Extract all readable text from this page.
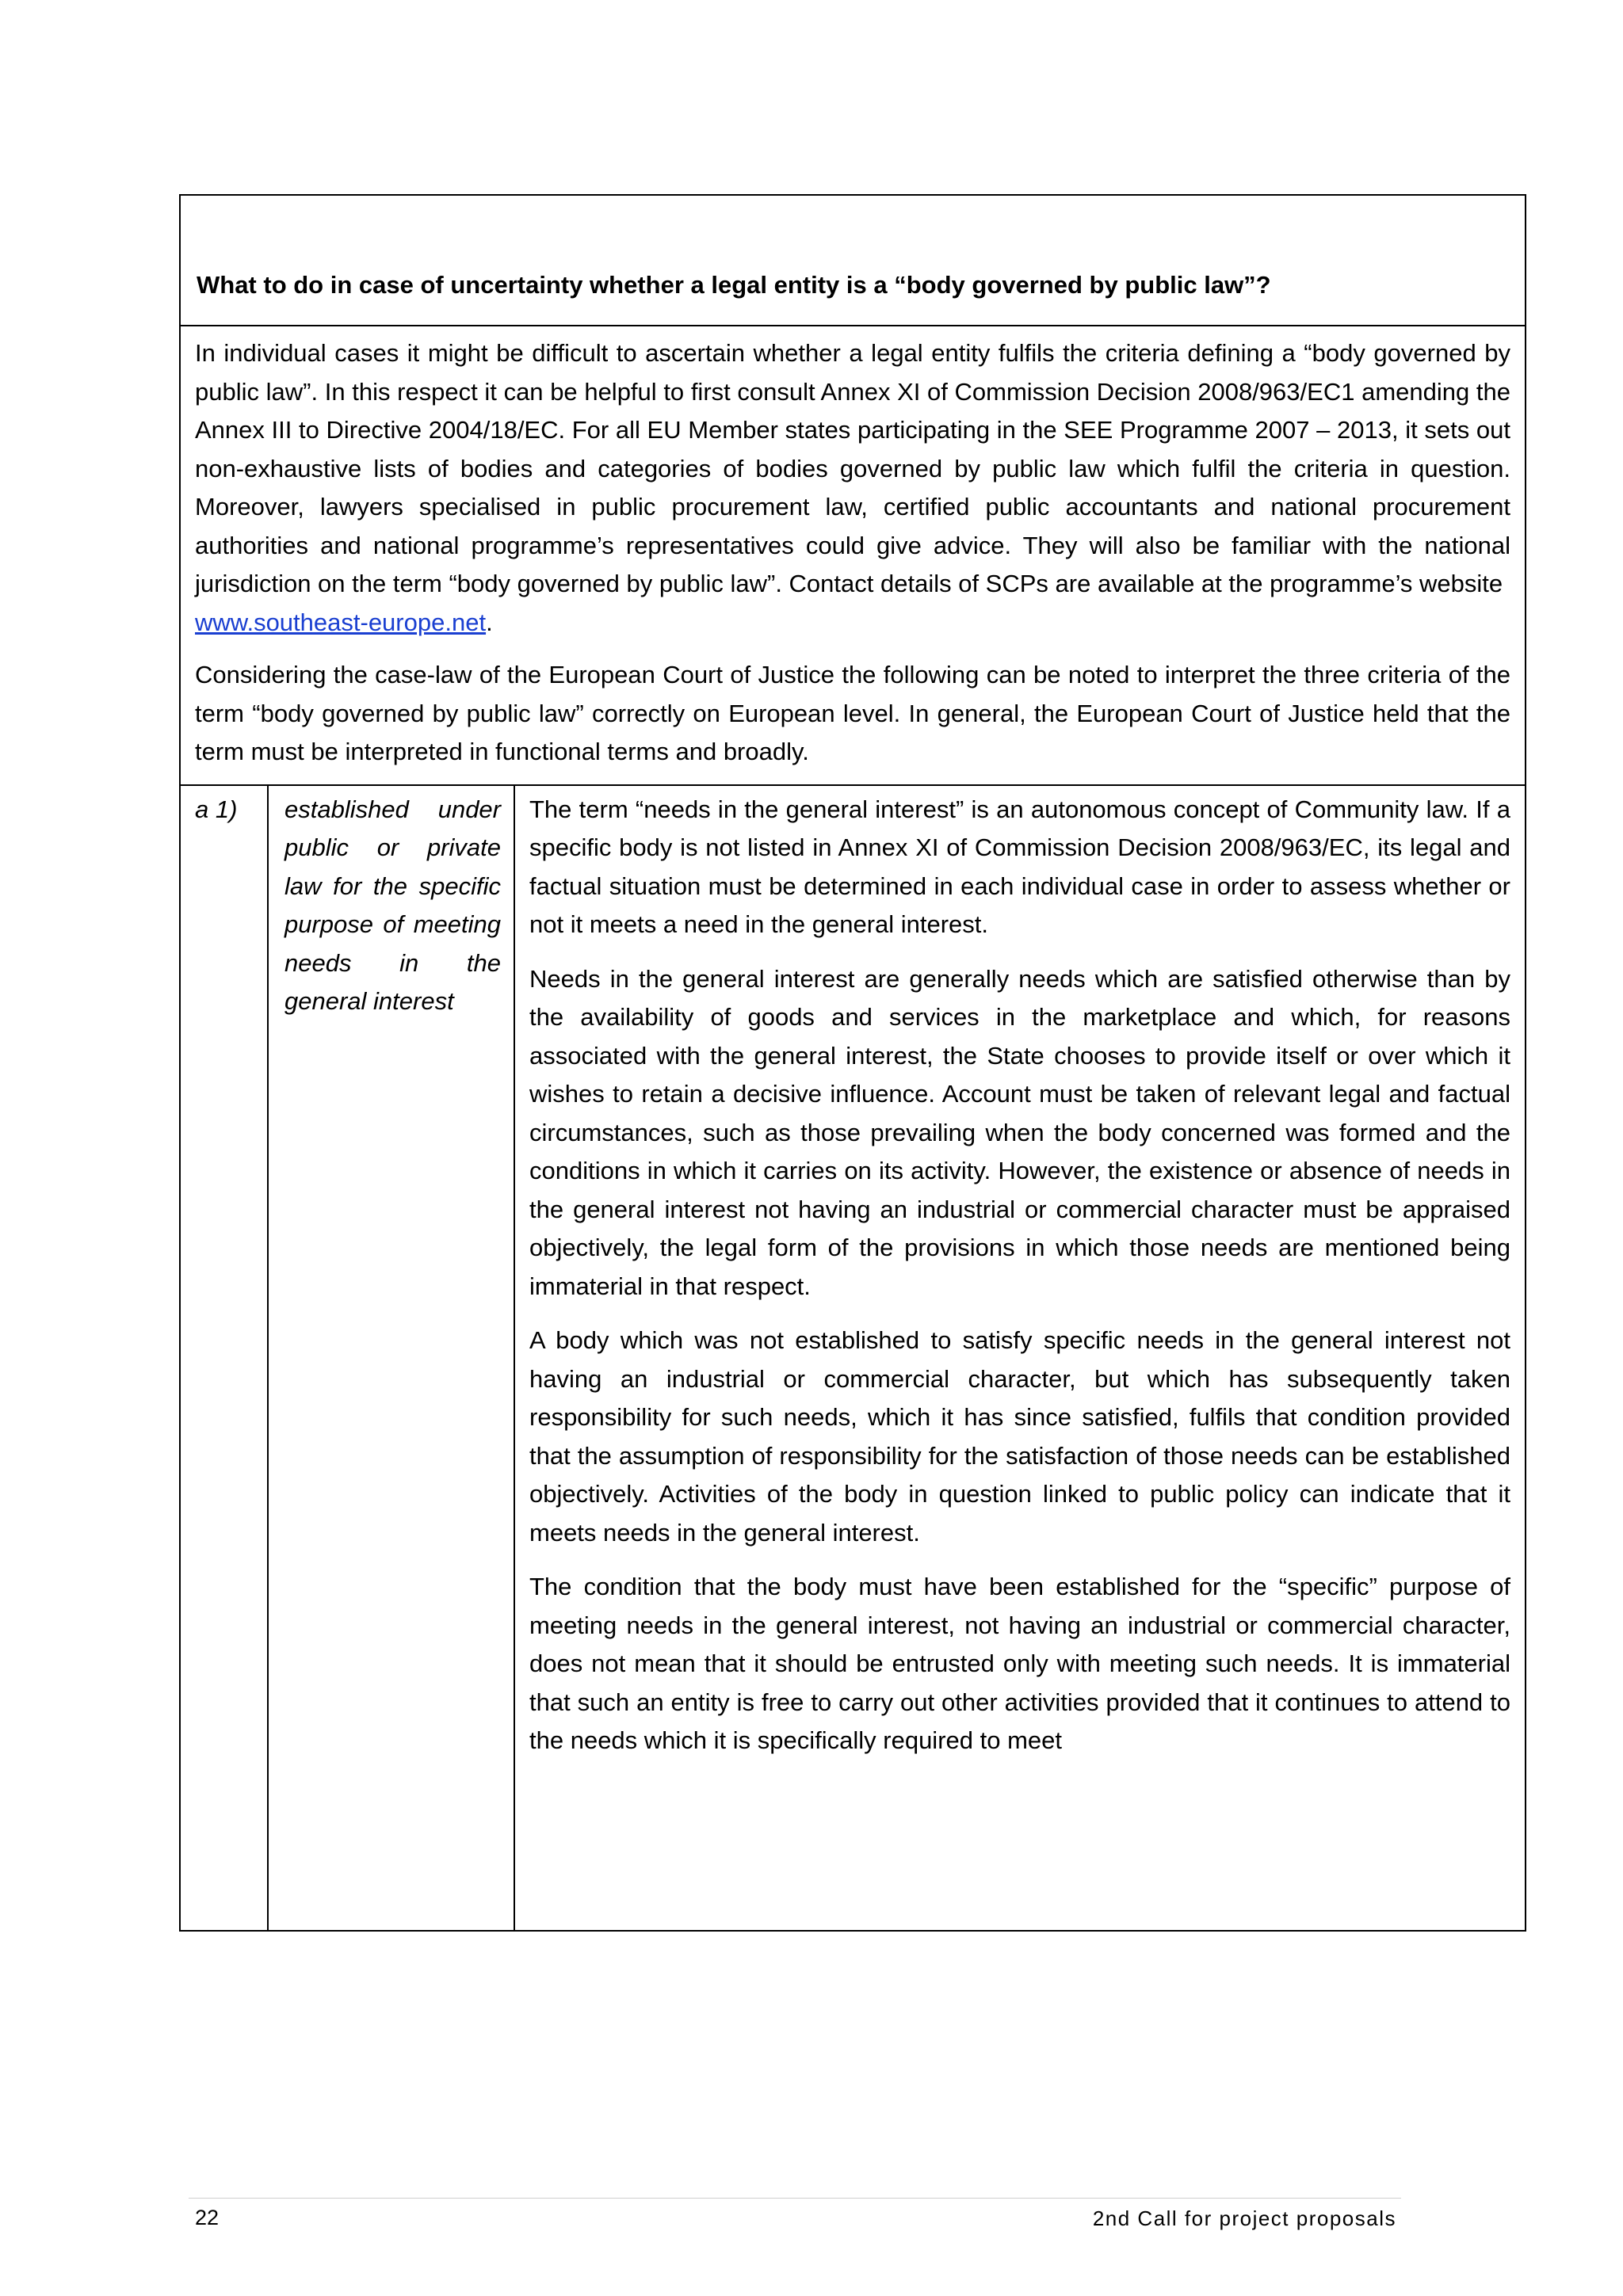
What to do in case of uncertainty whether a legal entity is a “body governed by public law”?

In individual cases it might be difficult to ascertain whether a legal entity fulfils the criteria defining a “body governed by public law”. In this respect it can be helpful to first consult Annex XI of Commission Decision 2008/963/EC1 amending the Annex III to Directive 2004/18/EC. For all EU Member states participating in the SEE Programme 2007 – 2013, it sets out non-exhaustive lists of bodies and categories of bodies governed by public law which fulfil the criteria in question. Moreover, lawyers specialised in public procurement law, certified public accountants and national procurement authorities and national programme’s representatives could give advice. They will also be familiar with the national jurisdiction on the term “body governed by public law”. Contact details of SCPs are available at the programme’s website
www.southeast-europe.net.

Considering the case-law of the European Court of Justice the following can be noted to interpret the three criteria of the term “body governed by public law” correctly on European level. In general, the European Court of Justice held that the term must be interpreted in functional terms and broadly.

a 1)	established under public or private law for the specific purpose of meeting needs in the general interest

The term “needs in the general interest” is an autonomous concept of Community law. If a specific body is not listed in Annex XI of Commission Decision 2008/963/EC, its legal and factual situation must be determined in each individual case in order to assess whether or not it meets a need in the general interest.

Needs in the general interest are generally needs which are satisfied otherwise than by the availability of goods and services in the marketplace and which, for reasons associated with the general interest, the State chooses to provide itself or over which it wishes to retain a decisive influence. Account must be taken of relevant legal and factual circumstances, such as those prevailing when the body concerned was formed and the conditions in which it carries on its activity. However, the existence or absence of needs in the general interest not having an industrial or commercial character must be appraised objectively, the legal form of the provisions in which those needs are mentioned being immaterial in that respect.

A body which was not established to satisfy specific needs in the general interest not having an industrial or commercial character, but which has subsequently taken responsibility for such needs, which it has since satisfied, fulfils that condition provided that the assumption of responsibility for the satisfaction of those needs can be established objectively. Activities of the body in question linked to public policy can indicate that it meets needs in the general interest.

The condition that the body must have been established for the “specific” purpose of meeting needs in the general interest, not having an industrial or commercial character, does not mean that it should be entrusted only with meeting such needs. It is immaterial that such an entity is free to carry out other activities provided that it continues to attend to the needs which it is specifically required to meet

22	2nd Call for project proposals
